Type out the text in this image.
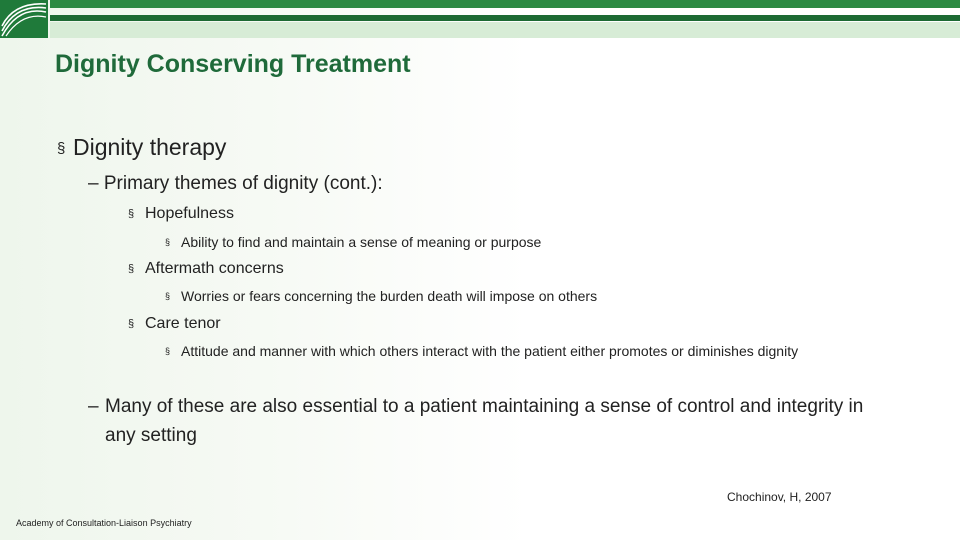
Dignity Conserving Treatment
§ Dignity therapy
– Primary themes of dignity (cont.):
§ Hopefulness
§ Ability to find and maintain a sense of meaning or purpose
§ Aftermath concerns
§ Worries or fears concerning the burden death will impose on others
§ Care tenor
§ Attitude and manner with which others interact with the patient either promotes or diminishes dignity
– Many of these are also essential to a patient maintaining a sense of control and integrity in any setting
Chochinov, H, 2007
Academy of Consultation-Liaison Psychiatry
